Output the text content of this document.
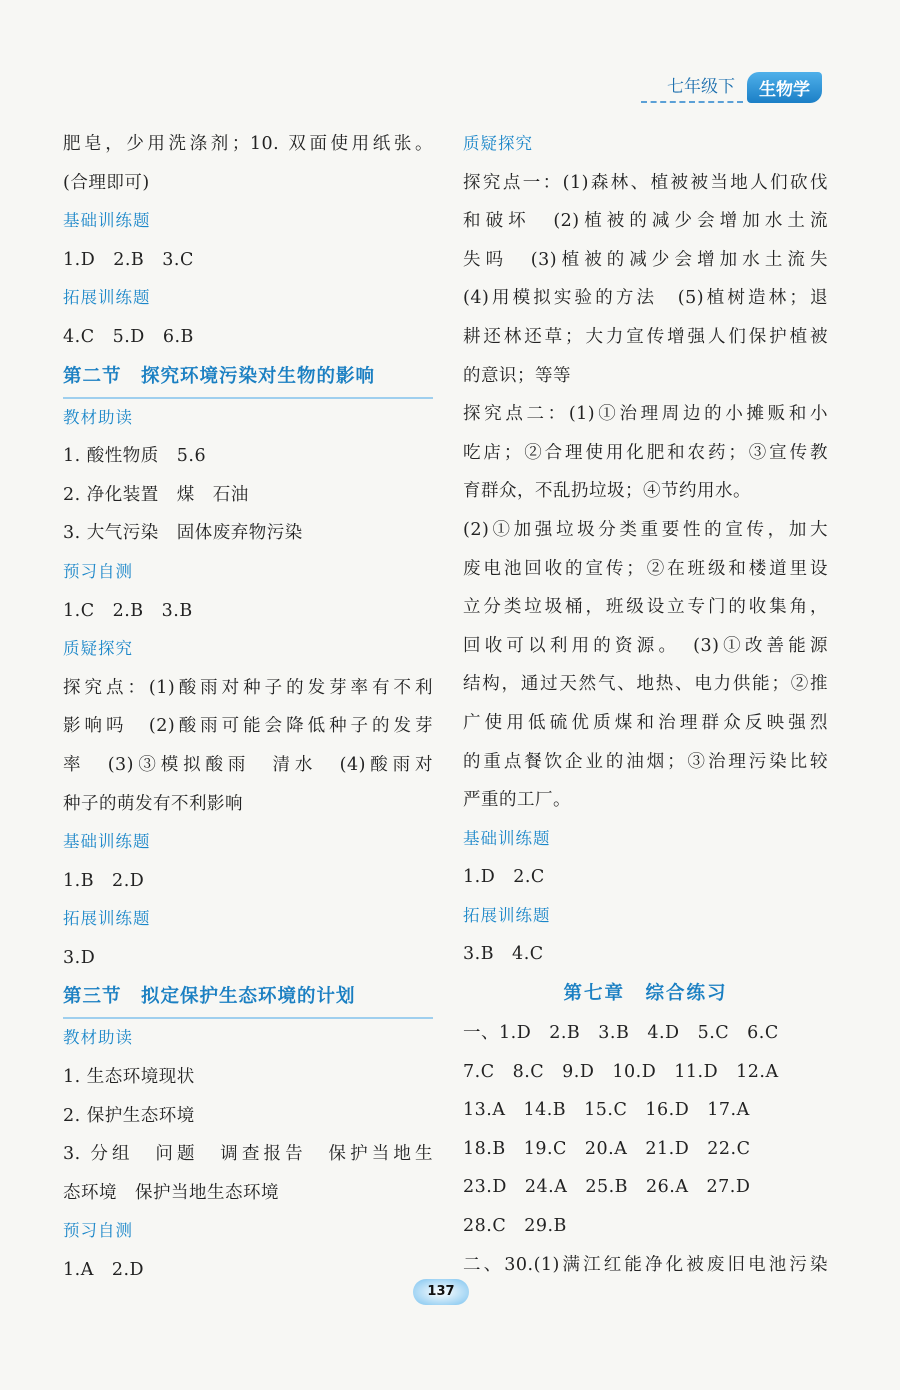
七年级下	生物学
肥皂，少用洗涤剂；10. 双面使用纸张。
(合理即可)
基础训练题
1.D　2.B　3.C
拓展训练题
4.C　5.D　6.B
第二节　探究环境污染对生物的影响
教材助读
1. 酸性物质　5.6
2. 净化装置　煤　石油
3. 大气污染　固体废弃物污染
预习自测
1.C　2.B　3.B
质疑探究
探究点：(1)酸雨对种子的发芽率有不利
影响吗　(2)酸雨可能会降低种子的发芽
率　(3)③模拟酸雨　清水　(4)酸雨对
种子的萌发有不利影响
基础训练题
1.B　2.D
拓展训练题
3.D
第三节　拟定保护生态环境的计划
教材助读
1. 生态环境现状
2. 保护生态环境
3. 分组　问题　调查报告　保护当地生
态环境　保护当地生态环境
预习自测
1.A　2.D
质疑探究
探究点一：(1)森林、植被被当地人们砍伐
和破坏　(2)植被的减少会增加水土流
失吗　(3)植被的减少会增加水土流失
(4)用模拟实验的方法　(5)植树造林；退
耕还林还草；大力宣传增强人们保护植被
的意识；等等
探究点二：(1)①治理周边的小摊贩和小
吃店；②合理使用化肥和农药；③宣传教
育群众，不乱扔垃圾；④节约用水。
(2)①加强垃圾分类重要性的宣传，加大
废电池回收的宣传；②在班级和楼道里设
立分类垃圾桶，班级设立专门的收集角，
回收可以利用的资源。　(3)①改善能源
结构，通过天然气、地热、电力供能；②推
广使用低硫优质煤和治理群众反映强烈
的重点餐饮企业的油烟；③治理污染比较
严重的工厂。
基础训练题
1.D　2.C
拓展训练题
3.B　4.C
第七章　综合练习
一、1.D　2.B　3.B　4.D　5.C　6.C
7.C　8.C　9.D　10.D　11.D　12.A
13.A　14.B　15.C　16.D　17.A
18.B　19.C　20.A　21.D　22.C
23.D　24.A　25.B　26.A　27.D
28.C　29.B
二、30.(1)满江红能净化被废旧电池污染
137
